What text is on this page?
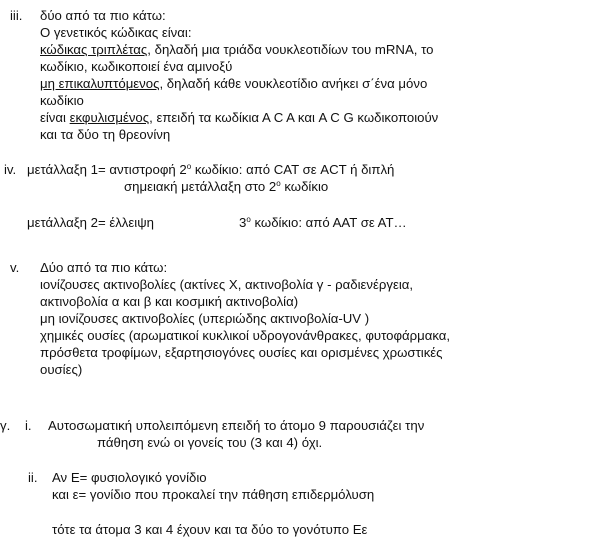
iii. δύο από τα πιο κάτω:
Ο γενετικός κώδικας είναι:
κώδικας τριπλέτας, δηλαδή μια τριάδα νουκλεοτιδίων του mRNA, το
κωδίκιο, κωδικοποιεί ένα αμινοξύ
μη επικαλυπτόμενος, δηλαδή κάθε νουκλεοτίδιο ανήκει σ΄ένα μόνο
κωδίκιο
είναι εκφυλισμένος, επειδή τα κωδίκια Α C A και A C G κωδικοποιούν
και τα δύο τη θρεονίνη
iv. μετάλλαξη 1= αντιστροφή $2^o$ κωδίκιο: από CAT σε ACT ή διπλή
σημειακή μετάλλαξη στο $2^o$ κωδίκιο
μετάλλαξη 2= έλλειψη	$3^o$ κωδίκιο: από ΑΑΤ σε ΑΤ…
v. Δύο από τα πιο κάτω:
ιονίζουσες ακτινοβολίες (ακτίνες X, ακτινοβολία γ - ραδιενέργεια,
ακτινοβολία α και β και κοσμική ακτινοβολία)
μη ιονίζουσες ακτινοβολίες (υπεριώδης ακτινοβολία-UV )
χημικές ουσίες (αρωματικοί κυκλικοί υδρογονάνθρακες, φυτοφάρμακα,
πρόσθετα τροφίμων, εξαρτησιογόνες ουσίες και ορισμένες χρωστικές
ουσίες)
γ. i. Αυτοσωματική υπολειπόμενη επειδή το άτομο 9 παρουσιάζει την
πάθηση ενώ οι γονείς του (3 και 4) όχι.
ii. Αν Ε= φυσιολογικό γονίδιο
και ε= γονίδιο που προκαλεί την πάθηση επιδερμόλυση
τότε τα άτομα 3 και 4 έχουν και τα δύο το γονότυπο Εε
